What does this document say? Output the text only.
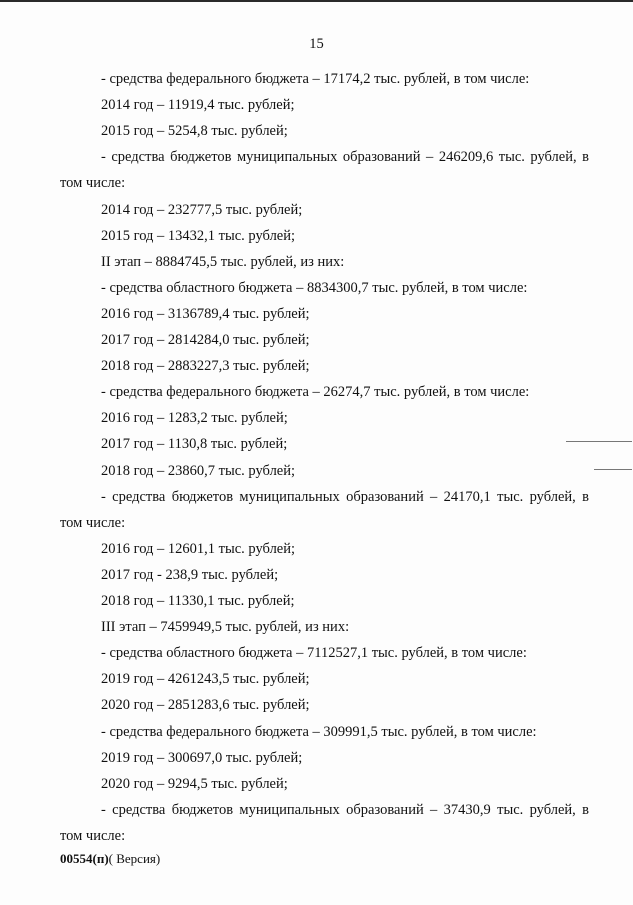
15
- средства федерального бюджета – 17174,2 тыс. рублей, в том числе:
2014 год – 11919,4 тыс. рублей;
2015 год – 5254,8 тыс. рублей;
- средства бюджетов муниципальных образований – 246209,6 тыс. рублей, в
том числе:
2014 год – 232777,5 тыс. рублей;
2015 год – 13432,1 тыс. рублей;
II этап – 8884745,5 тыс. рублей, из них:
- средства областного бюджета – 8834300,7 тыс. рублей, в том числе:
2016 год – 3136789,4 тыс. рублей;
2017 год – 2814284,0 тыс. рублей;
2018 год – 2883227,3 тыс. рублей;
- средства федерального бюджета – 26274,7 тыс. рублей, в том числе:
2016 год – 1283,2 тыс. рублей;
2017 год – 1130,8 тыс. рублей;
2018 год – 23860,7 тыс. рублей;
- средства бюджетов муниципальных образований – 24170,1 тыс. рублей, в
том числе:
2016 год – 12601,1 тыс. рублей;
2017 год - 238,9 тыс. рублей;
2018 год – 11330,1 тыс. рублей;
III этап – 7459949,5 тыс. рублей, из них:
- средства областного бюджета – 7112527,1 тыс. рублей, в том числе:
2019 год – 4261243,5 тыс. рублей;
2020 год – 2851283,6 тыс. рублей;
- средства федерального бюджета – 309991,5 тыс. рублей, в том числе:
2019 год – 300697,0 тыс. рублей;
2020 год – 9294,5 тыс. рублей;
- средства бюджетов муниципальных образований – 37430,9 тыс. рублей, в
том числе:
00554(п)( Версия)
